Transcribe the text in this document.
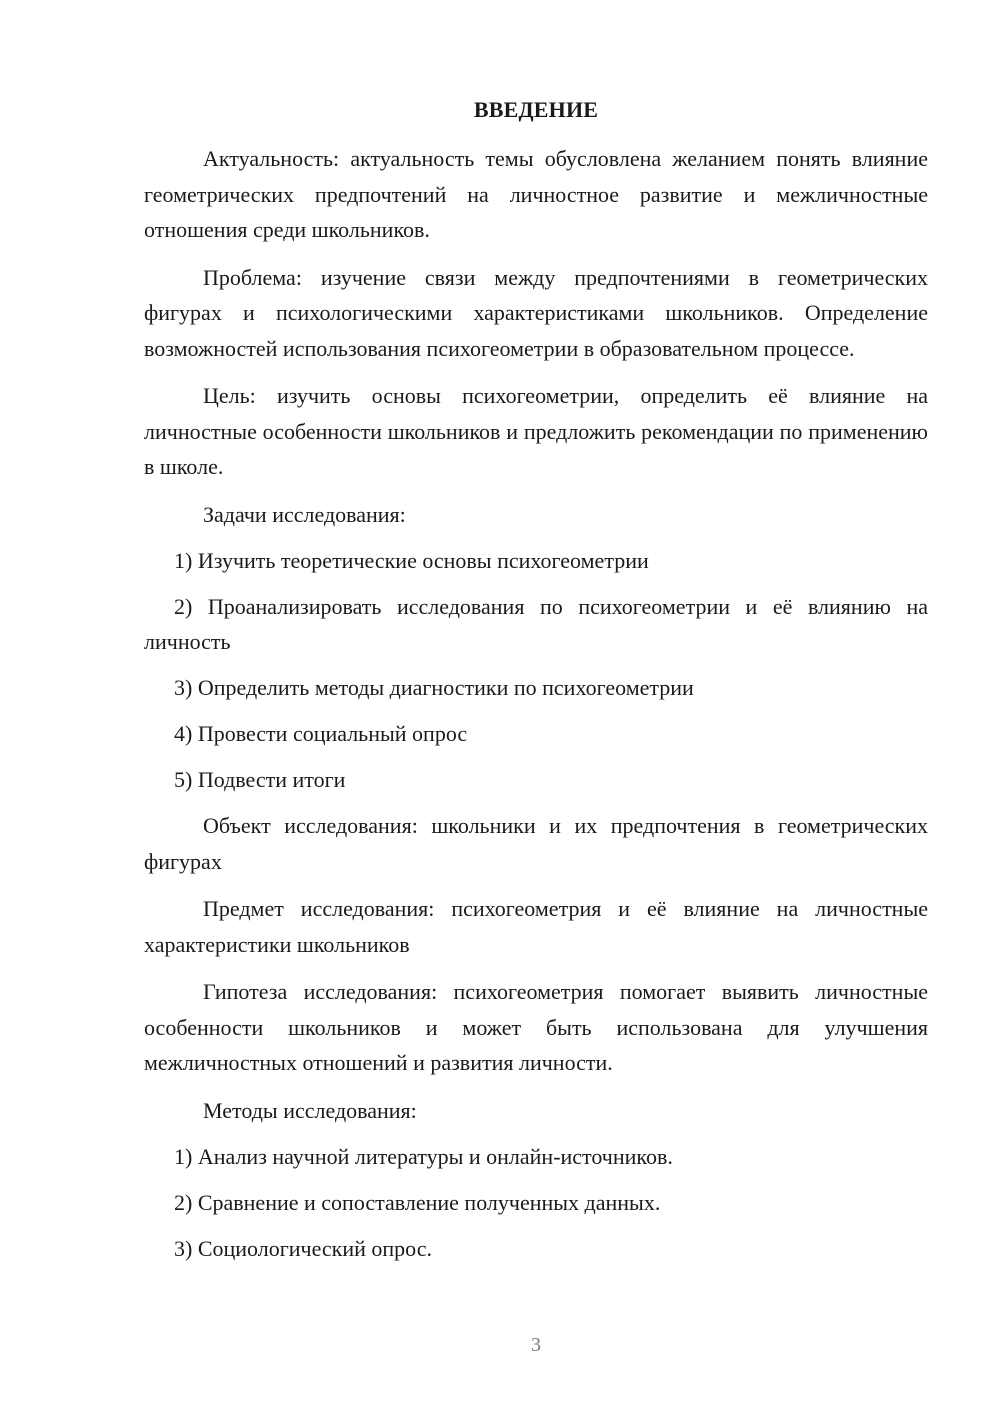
ВВЕДЕНИЕ

Актуальность: актуальность темы обусловлена желанием понять влияние геометрических предпочтений на личностное развитие и межличностные отношения среди школьников.

Проблема: изучение связи между предпочтениями в геометрических фигурах и психологическими характеристиками школьников. Определение возможностей использования психогеометрии в образовательном процессе.

Цель: изучить основы психогеометрии, определить её влияние на личностные особенности школьников и предложить рекомендации по применению в школе.

Задачи исследования:

1) Изучить теоретические основы психогеометрии

2) Проанализировать исследования по психогеометрии и её влиянию на личность

3) Определить методы диагностики по психогеометрии

4) Провести социальный опрос

5) Подвести итоги

Объект исследования: школьники и их предпочтения в геометрических фигурах

Предмет исследования: психогеометрия и её влияние на личностные характеристики школьников

Гипотеза исследования: психогеометрия помогает выявить личностные особенности школьников и может быть использована для улучшения межличностных отношений и развития личности.

Методы исследования:

1) Анализ научной литературы и онлайн-источников.

2) Сравнение и сопоставление полученных данных.

3) Социологический опрос.

3
